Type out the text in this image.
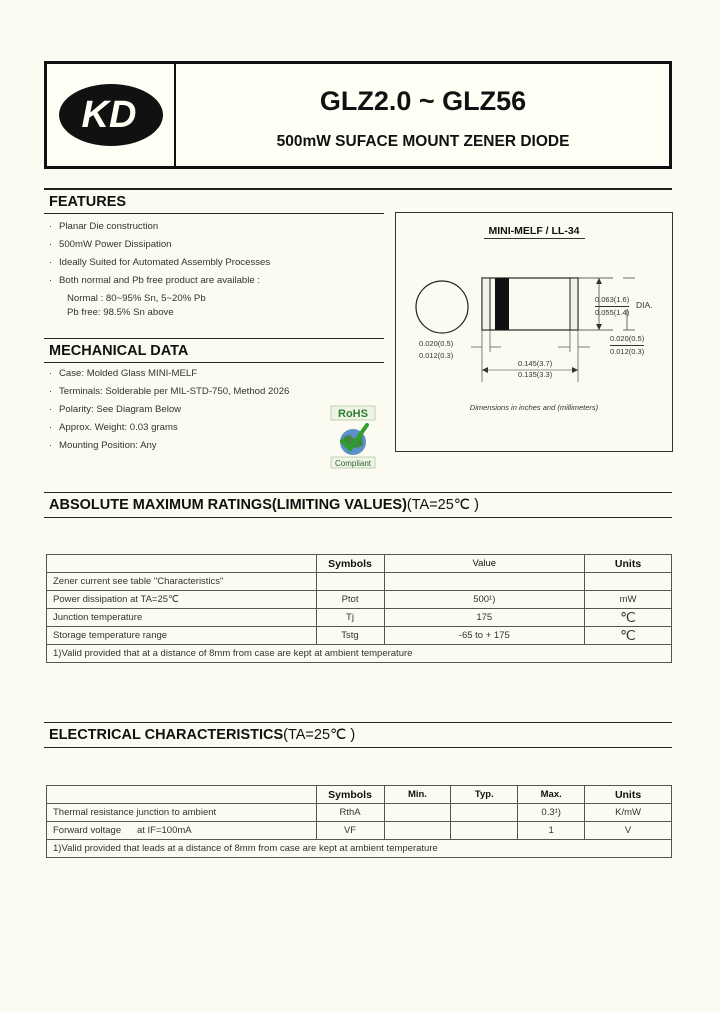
KD	GLZ2.0 ~ GLZ56
500mW SUFACE MOUNT ZENER DIODE
FEATURES
· Planar Die construction
· 500mW Power Dissipation
· Ideally Suited for Automated Assembly Processes
· Both normal and Pb free product are available :
Normal : 80~95% Sn, 5~20% Pb
Pb free: 98.5% Sn above
MECHANICAL DATA
· Case: Molded Glass MINI-MELF
· Terminals: Solderable per MIL-STD-750, Method 2026
· Polarity: See Diagram Below
· Approx. Weight: 0.03 grams
· Mounting Position: Any
RoHS
Compliant
MINI-MELF / LL-34
0.063(1.6)
0.055(1.4)
DIA.
0.020(0.5)
0.012(0.3)
0.020(0.5)
0.012(0.3)
0.145(3.7)
0.135(3.3)
Dimensions in inches and (millimeters)
ABSOLUTE MAXIMUM RATINGS(LIMITING VALUES)(TA=25℃ )
	Symbols	Value	Units
Zener current see table "Characteristics"			
Power dissipation at TA=25℃	Ptot	500¹)	mW
Junction temperature	Tj	175	℃
Storage temperature range	Tstg	-65 to + 175	℃
1)Valid provided that at a distance of 8mm from case are kept at ambient temperature			
ELECTRICAL CHARACTERISTICS(TA=25℃ )
	Symbols	Min.	Typ.	Max.	Units
Thermal resistance junction to ambient	RthA			0.3¹)	K/mW
Forward voltage      at IF=100mA	VF			1	V
1)Valid provided that leads at a distance of 8mm from case are kept at ambient temperature					
